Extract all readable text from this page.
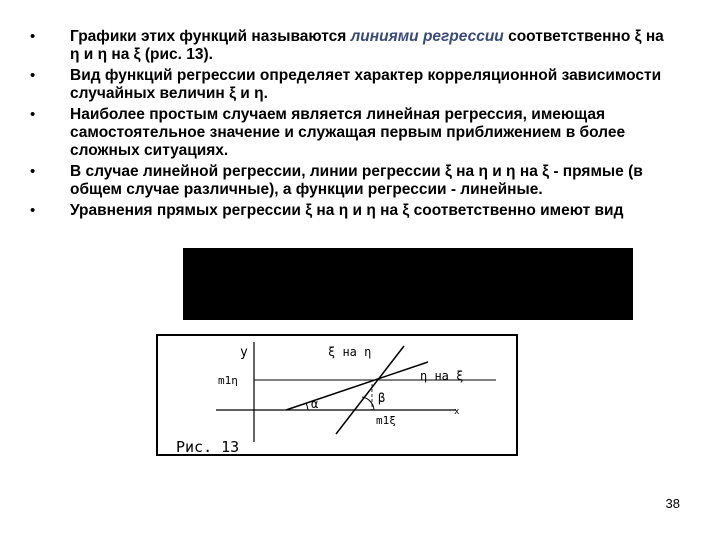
• Графики этих функций называются линиями регрессии соответственно ξ на η и η на ξ (рис. 13).
• Вид функций регрессии определяет характер корреляционной зависимости случайных величин ξ и η.
• Наиболее простым случаем является линейная регрессия, имеющая самостоятельное значение и служащая первым приближением в более сложных ситуациях.
• В случае линейной регрессии, линии регрессии ξ на η и η на ξ - прямые (в общем случае различные), а функции регрессии - линейные.
• Уравнения прямых регрессии ξ на η и η на ξ соответственно имеют вид
y
x
ξ на η
η на ξ
m1η
m1ξ
α	β
Рис. 13
38
